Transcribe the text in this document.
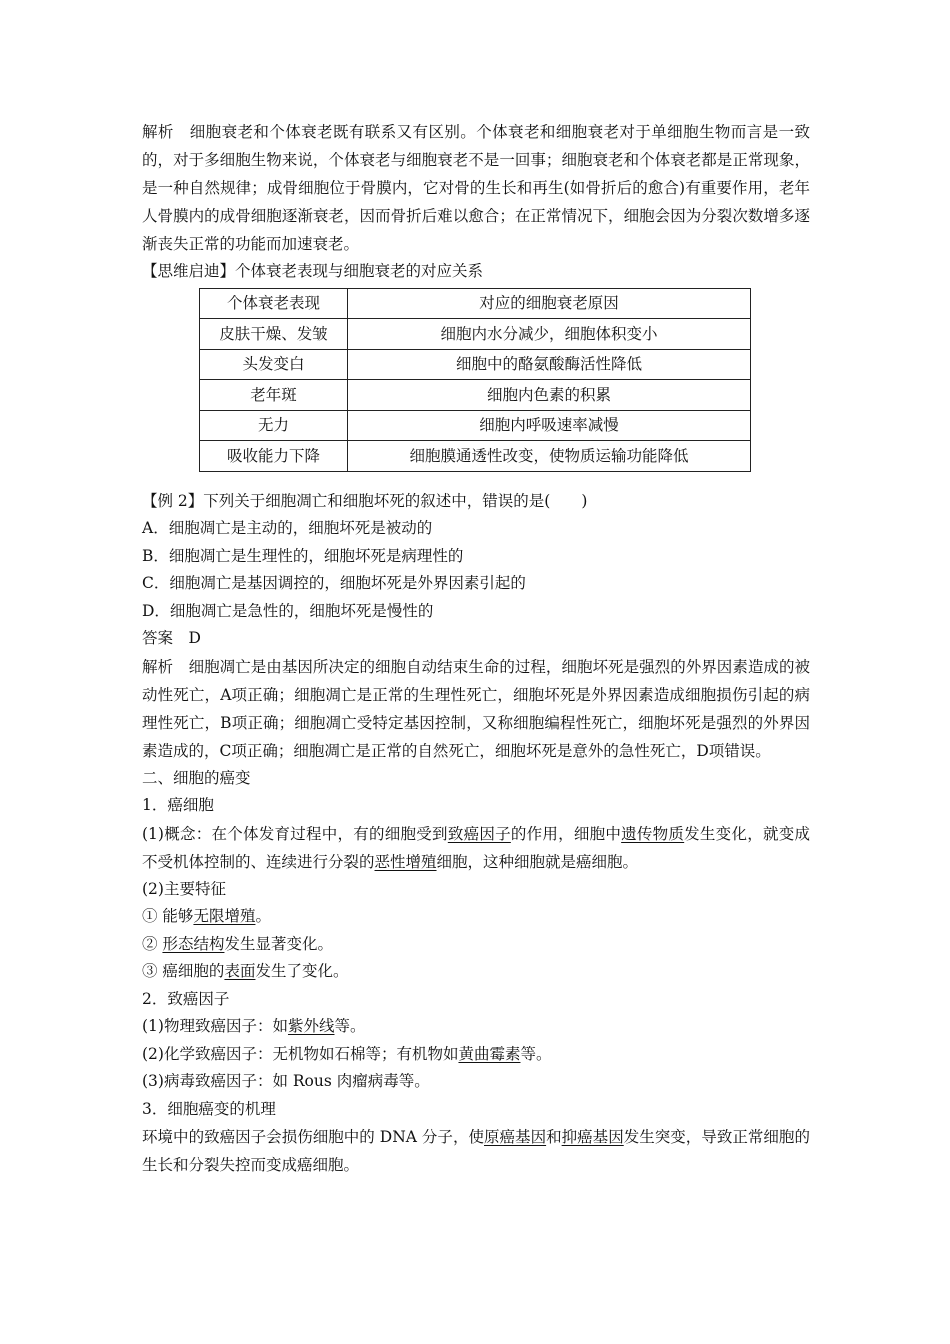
解析　细胞衰老和个体衰老既有联系又有区别。个体衰老和细胞衰老对于单细胞生物而言是一致的，对于多细胞生物来说，个体衰老与细胞衰老不是一回事；细胞衰老和个体衰老都是正常现象，是一种自然规律；成骨细胞位于骨膜内，它对骨的生长和再生(如骨折后的愈合)有重要作用，老年人骨膜内的成骨细胞逐渐衰老，因而骨折后难以愈合；在正常情况下，细胞会因为分裂次数增多逐渐丧失正常的功能而加速衰老。

【思维启迪】个体衰老表现与细胞衰老的对应关系

个体衰老表现	对应的细胞衰老原因
皮肤干燥、发皱	细胞内水分减少，细胞体积变小
头发变白	细胞中的酪氨酸酶活性降低
老年斑	细胞内色素的积累
无力	细胞内呼吸速率减慢
吸收能力下降	细胞膜通透性改变，使物质运输功能降低

【例 2】下列关于细胞凋亡和细胞坏死的叙述中，错误的是(　　)

A．细胞凋亡是主动的，细胞坏死是被动的

B．细胞凋亡是生理性的，细胞坏死是病理性的

C．细胞凋亡是基因调控的，细胞坏死是外界因素引起的

D．细胞凋亡是急性的，细胞坏死是慢性的

答案　D

解析　细胞凋亡是由基因所决定的细胞自动结束生命的过程，细胞坏死是强烈的外界因素造成的被动性死亡，A项正确；细胞凋亡是正常的生理性死亡，细胞坏死是外界因素造成细胞损伤引起的病理性死亡，B项正确；细胞凋亡受特定基因控制，又称细胞编程性死亡，细胞坏死是强烈的外界因素造成的，C项正确；细胞凋亡是正常的自然死亡，细胞坏死是意外的急性死亡，D项错误。

二、细胞的癌变

1．癌细胞

(1)概念：在个体发育过程中，有的细胞受到致癌因子的作用，细胞中遗传物质发生变化，就变成不受机体控制的、连续进行分裂的恶性增殖细胞，这种细胞就是癌细胞。

(2)主要特征

① 能够无限增殖。

② 形态结构发生显著变化。

③ 癌细胞的表面发生了变化。

2．致癌因子

(1)物理致癌因子：如紫外线等。

(2)化学致癌因子：无机物如石棉等；有机物如黄曲霉素等。

(3)病毒致癌因子：如 Rous 肉瘤病毒等。

3．细胞癌变的机理

环境中的致癌因子会损伤细胞中的 DNA 分子，使原癌基因和抑癌基因发生突变，导致正常细胞的生长和分裂失控而变成癌细胞。
